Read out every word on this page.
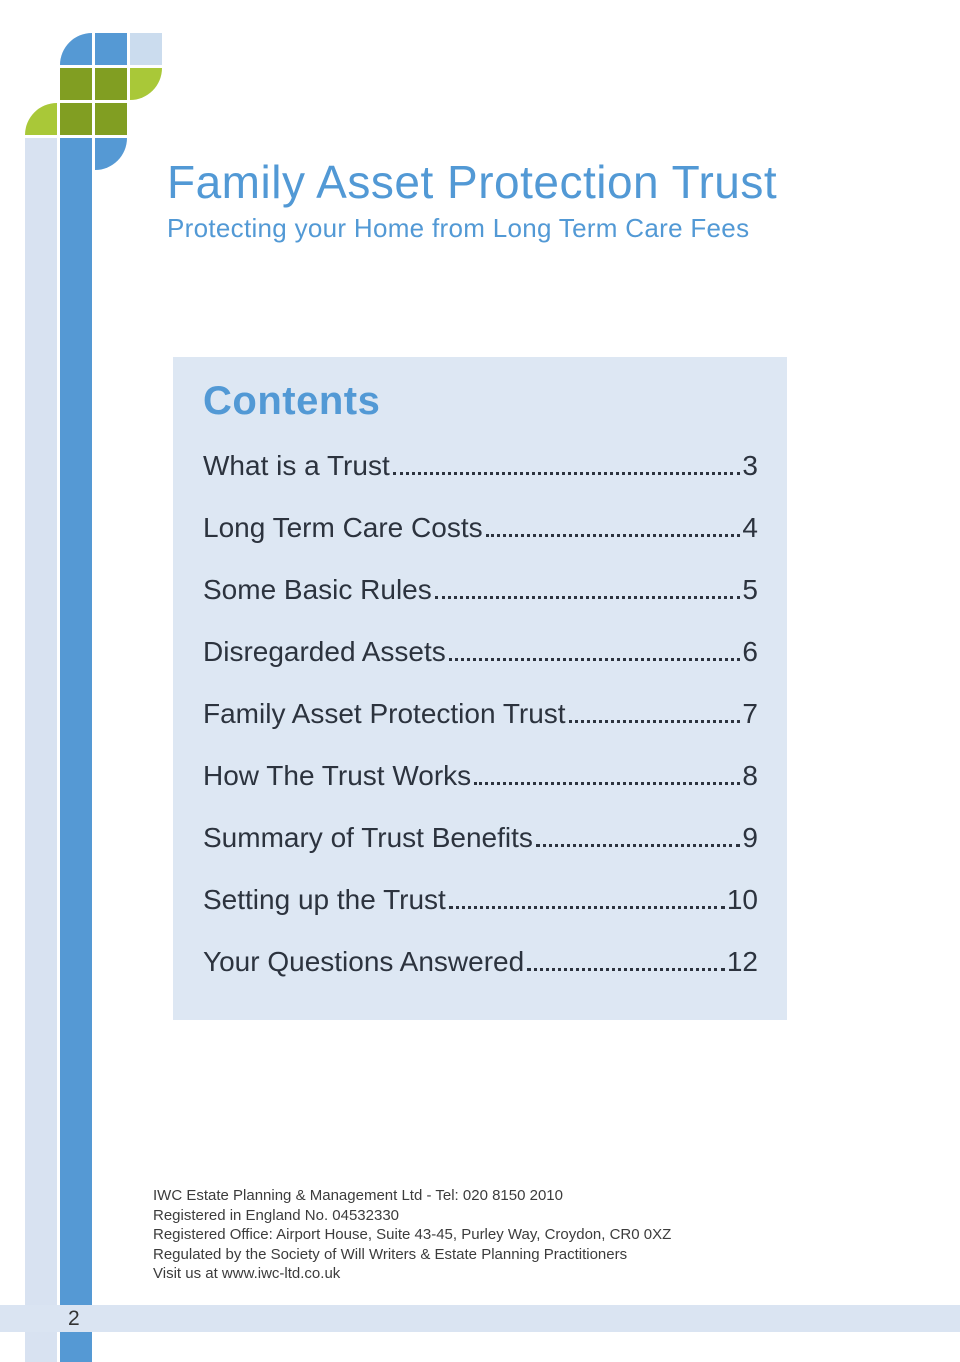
Family Asset Protection Trust
Protecting your Home from Long Term Care Fees
Contents
What is a Trust	3
Long Term Care Costs	4
Some Basic Rules	5
Disregarded Assets	6
Family Asset Protection Trust	7
How The Trust Works	8
Summary of Trust Benefits	9
Setting up the Trust	10
Your Questions Answered	12
IWC Estate Planning & Management Ltd - Tel: 020 8150 2010
Registered in England No. 04532330
Registered Office: Airport House, Suite 43-45, Purley Way, Croydon, CR0 0XZ
Regulated by the Society of Will Writers & Estate Planning Practitioners
Visit us at www.iwc-ltd.co.uk
2
